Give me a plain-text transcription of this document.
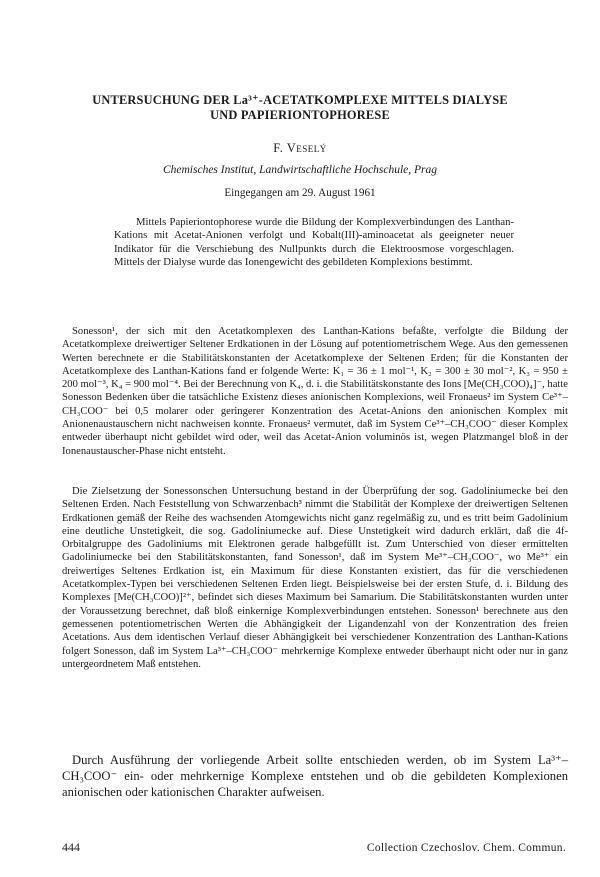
UNTERSUCHUNG DER La³⁺-ACETATKOMPLEXE MITTELS DIALYSE
UND PAPIERIONTOPHORESE
F. Veselý
Chemisches Institut, Landwirtschaftliche Hochschule, Prag
Eingegangen am 29. August 1961

Mittels Papieriontophorese wurde die Bildung der Komplexverbindungen des Lanthan-Kations mit Acetat-Anionen verfolgt und Kobalt(III)-aminoacetat als geeigneter neuer Indikator für die Verschiebung des Nullpunkts durch die Elektroosmose vorgeschlagen. Mittels der Dialyse wurde das Ionengewicht des gebildeten Komplexions bestimmt.

Sonesson¹, der sich mit den Acetatkomplexen des Lanthan-Kations befaßte, verfolgte die Bildung der Acetatkomplexe dreiwertiger Seltener Erdkationen in der Lösung auf potentiometrischem Wege. Aus den gemessenen Werten berechnete er die Stabilitätskonstanten der Acetatkomplexe der Seltenen Erden; für die Konstanten der Acetatkomplexe des Lanthan-Kations fand er folgende Werte: K₁ = 36 ± 1 mol⁻¹, K₂ = 300 ± 30 mol⁻², K₃ = 950 ± 200 mol⁻³, K₄ = 900 mol⁻⁴. Bei der Berechnung von K₄, d. i. die Stabilitätskonstante des Ions [Me(CH₃COO)₄]⁻, hatte Sonesson Bedenken über die tatsächliche Existenz dieses anionischen Komplexions, weil Fronaeus² im System Ce³⁺–CH₃COO⁻ bei 0,5 molarer oder geringerer Konzentration des Acetat-Anions den anionischen Komplex mit Anionenaustauschern nicht nachweisen konnte. Fronaeus² vermutet, daß im System Ce³⁺–CH₃COO⁻ dieser Komplex entweder überhaupt nicht gebildet wird oder, weil das Acetat-Anion voluminös ist, wegen Platzmangel bloß in der Ionenaustauscher-Phase nicht entsteht.

Die Zielsetzung der Sonessonschen Untersuchung bestand in der Überprüfung der sog. Gadoliniumecke bei den Seltenen Erden. Nach Feststellung von Schwarzenbach³ nimmt die Stabilität der Komplexe der dreiwertigen Seltenen Erdkationen gemäß der Reihe des wachsenden Atomgewichts nicht ganz regelmäßig zu, und es tritt beim Gadolinium eine deutliche Unstetigkeit, die sog. Gadoliniumecke auf. Diese Unstetigkeit wird dadurch erklärt, daß die 4f-Orbitalgruppe des Gadoliniums mit Elektronen gerade halbgefüllt ist. Zum Unterschied von dieser ermittelten Gadoliniumecke bei den Stabilitätskonstanten, fand Sonesson¹, daß im System Me³⁺–CH₃COO⁻, wo Me³⁺ ein dreiwertiges Seltenes Erdkation ist, ein Maximum für diese Konstanten existiert, das für die verschiedenen Acetatkomplex-Typen bei verschiedenen Seltenen Erden liegt. Beispielsweise bei der ersten Stufe, d. i. Bildung des Komplexes [Me(CH₃COO)]²⁺, befindet sich dieses Maximum bei Samarium. Die Stabilitätskonstanten wurden unter der Voraussetzung berechnet, daß bloß einkernige Komplexverbindungen entstehen. Sonesson¹ berechnete aus den gemessenen potentiometrischen Werten die Abhängigkeit der Ligandenzahl von der Konzentration des freien Acetations. Aus dem identischen Verlauf dieser Abhängigkeit bei verschiedener Konzentration des Lanthan-Kations folgert Sonesson, daß im System La³⁺–CH₃COO⁻ mehrkernige Komplexe entweder überhaupt nicht oder nur in ganz untergeordnetem Maß entstehen.

Durch Ausführung der vorliegende Arbeit sollte entschieden werden, ob im System La³⁺–CH₃COO⁻ ein- oder mehrkernige Komplexe entstehen und ob die gebildeten Komplexionen anionischen oder kationischen Charakter aufweisen.

444	Collection Czechoslov. Chem. Commun.
